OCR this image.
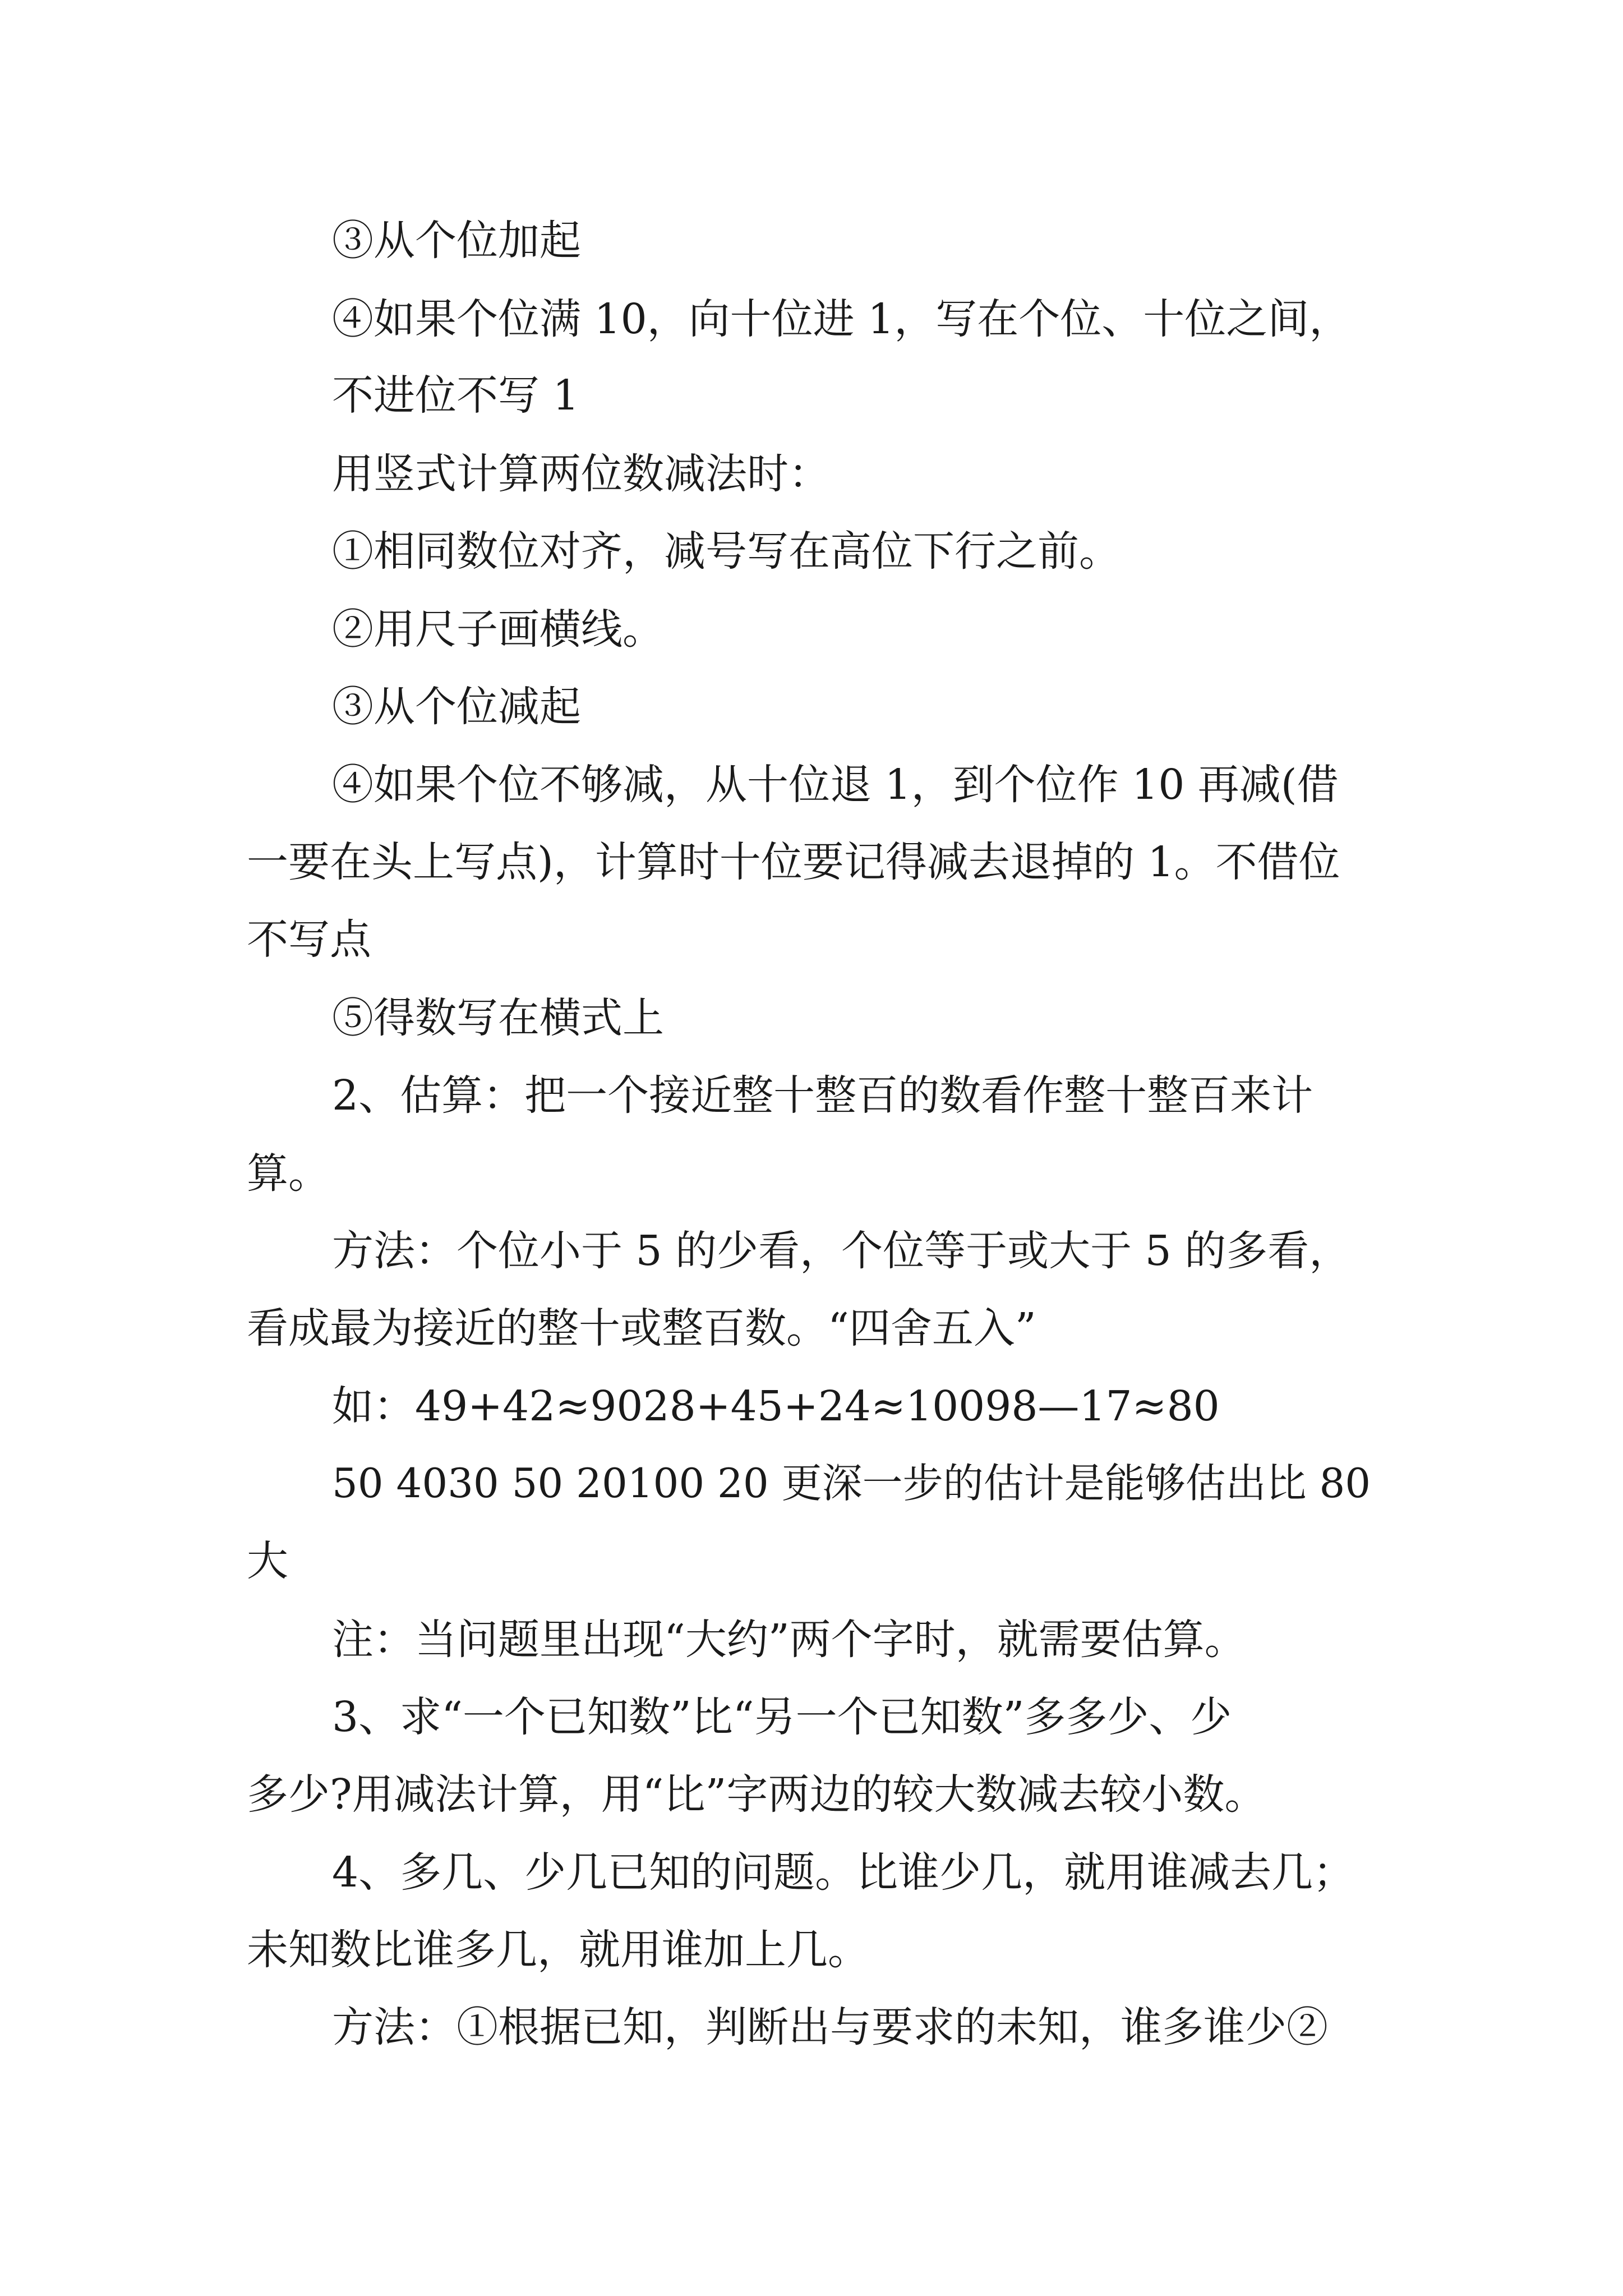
③从个位加起

④如果个位满 10，向十位进 1，写在个位、十位之间，

不进位不写 1

用竖式计算两位数减法时：

①相同数位对齐，减号写在高位下行之前。

②用尺子画横线。

③从个位减起

④如果个位不够减，从十位退 1，到个位作 10 再减(借

一要在头上写点)，计算时十位要记得减去退掉的 1。不借位

不写点

⑤得数写在横式上

2、估算：把一个接近整十整百的数看作整十整百来计

算。

方法：个位小于 5 的少看，个位等于或大于 5 的多看，

看成最为接近的整十或整百数。“四舍五入”

如：49+42≈9028+45+24≈10098—17≈80

50 4030 50 20100 20 更深一步的估计是能够估出比 80

大

注：当问题里出现“大约”两个字时，就需要估算。

3、求“一个已知数”比“另一个已知数”多多少、少

多少?用减法计算，用“比”字两边的较大数减去较小数。

4、多几、少几已知的问题。比谁少几，就用谁减去几；

未知数比谁多几，就用谁加上几。

方法：①根据已知，判断出与要求的未知，谁多谁少②
